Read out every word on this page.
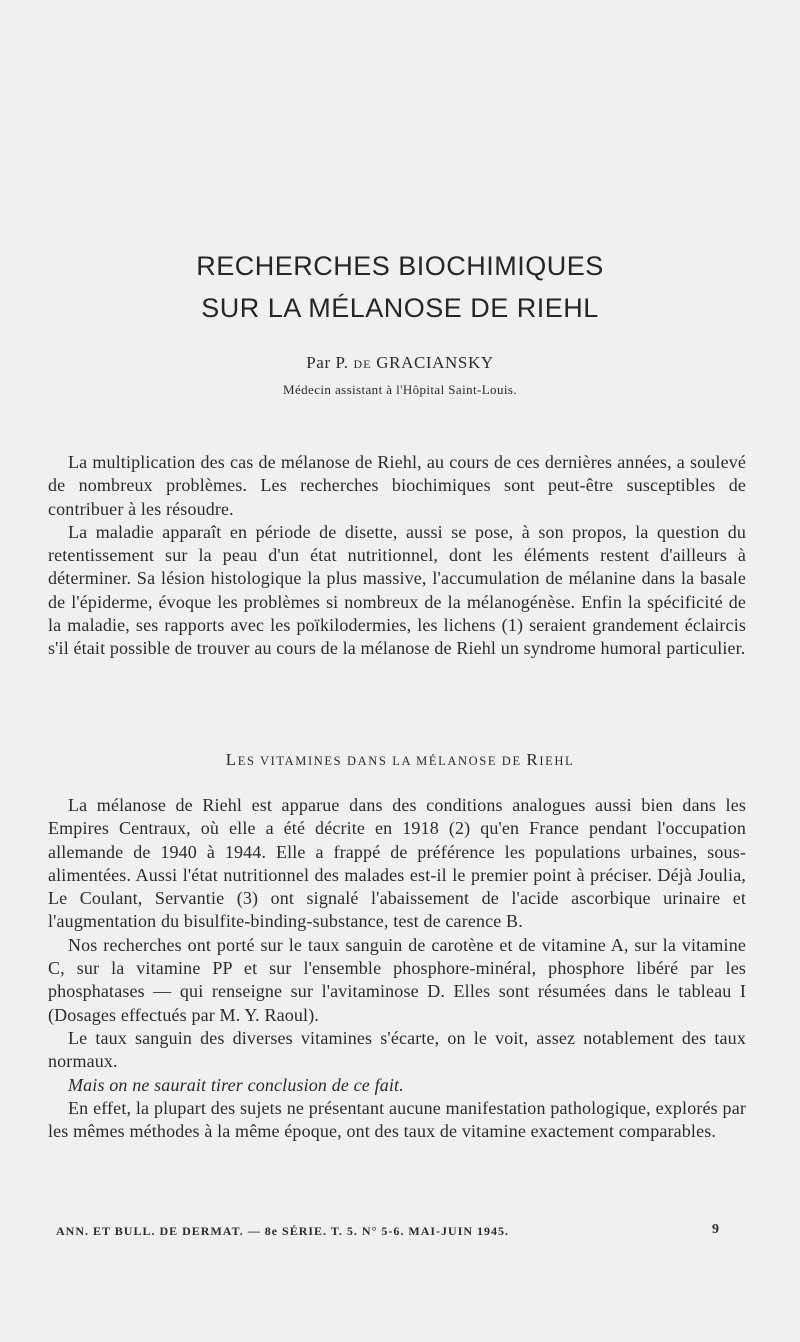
RECHERCHES BIOCHIMIQUES
SUR LA MÉLANOSE DE RIEHL
Par P. DE GRACIANSKY
Médecin assistant à l'Hôpital Saint-Louis.

La multiplication des cas de mélanose de Riehl, au cours de ces dernières années, a soulevé de nombreux problèmes. Les recherches biochimiques sont peut-être susceptibles de contribuer à les résoudre.

La maladie apparaît en période de disette, aussi se pose, à son propos, la question du retentissement sur la peau d'un état nutritionnel, dont les éléments restent d'ailleurs à déterminer. Sa lésion histologique la plus massive, l'accumulation de mélanine dans la basale de l'épiderme, évoque les problèmes si nombreux de la mélanogénèse. Enfin la spécificité de la maladie, ses rapports avec les poïkilodermies, les lichens (1) seraient grandement éclaircis s'il était possible de trouver au cours de la mélanose de Riehl un syndrome humoral particulier.

LES VITAMINES DANS LA MÉLANOSE DE RIEHL

La mélanose de Riehl est apparue dans des conditions analogues aussi bien dans les Empires Centraux, où elle a été décrite en 1918 (2) qu'en France pendant l'occupation allemande de 1940 à 1944. Elle a frappé de préférence les populations urbaines, sous-alimentées. Aussi l'état nutritionnel des malades est-il le premier point à préciser. Déjà Joulia, Le Coulant, Servantie (3) ont signalé l'abaissement de l'acide ascorbique urinaire et l'augmentation du bisulfite-binding-substance, test de carence B.

Nos recherches ont porté sur le taux sanguin de carotène et de vitamine A, sur la vitamine C, sur la vitamine PP et sur l'ensemble phosphore-minéral, phosphore libéré par les phosphatases — qui renseigne sur l'avitaminose D. Elles sont résumées dans le tableau I (Dosages effectués par M. Y. Raoul).

Le taux sanguin des diverses vitamines s'écarte, on le voit, assez notablement des taux normaux.

Mais on ne saurait tirer conclusion de ce fait.

En effet, la plupart des sujets ne présentant aucune manifestation pathologique, explorés par les mêmes méthodes à la même époque, ont des taux de vitamine exactement comparables.

ANN. ET BULL. DE DERMAT. — 8e SÉRIE. T. 5. N° 5-6. MAI-JUIN 1945.	9
